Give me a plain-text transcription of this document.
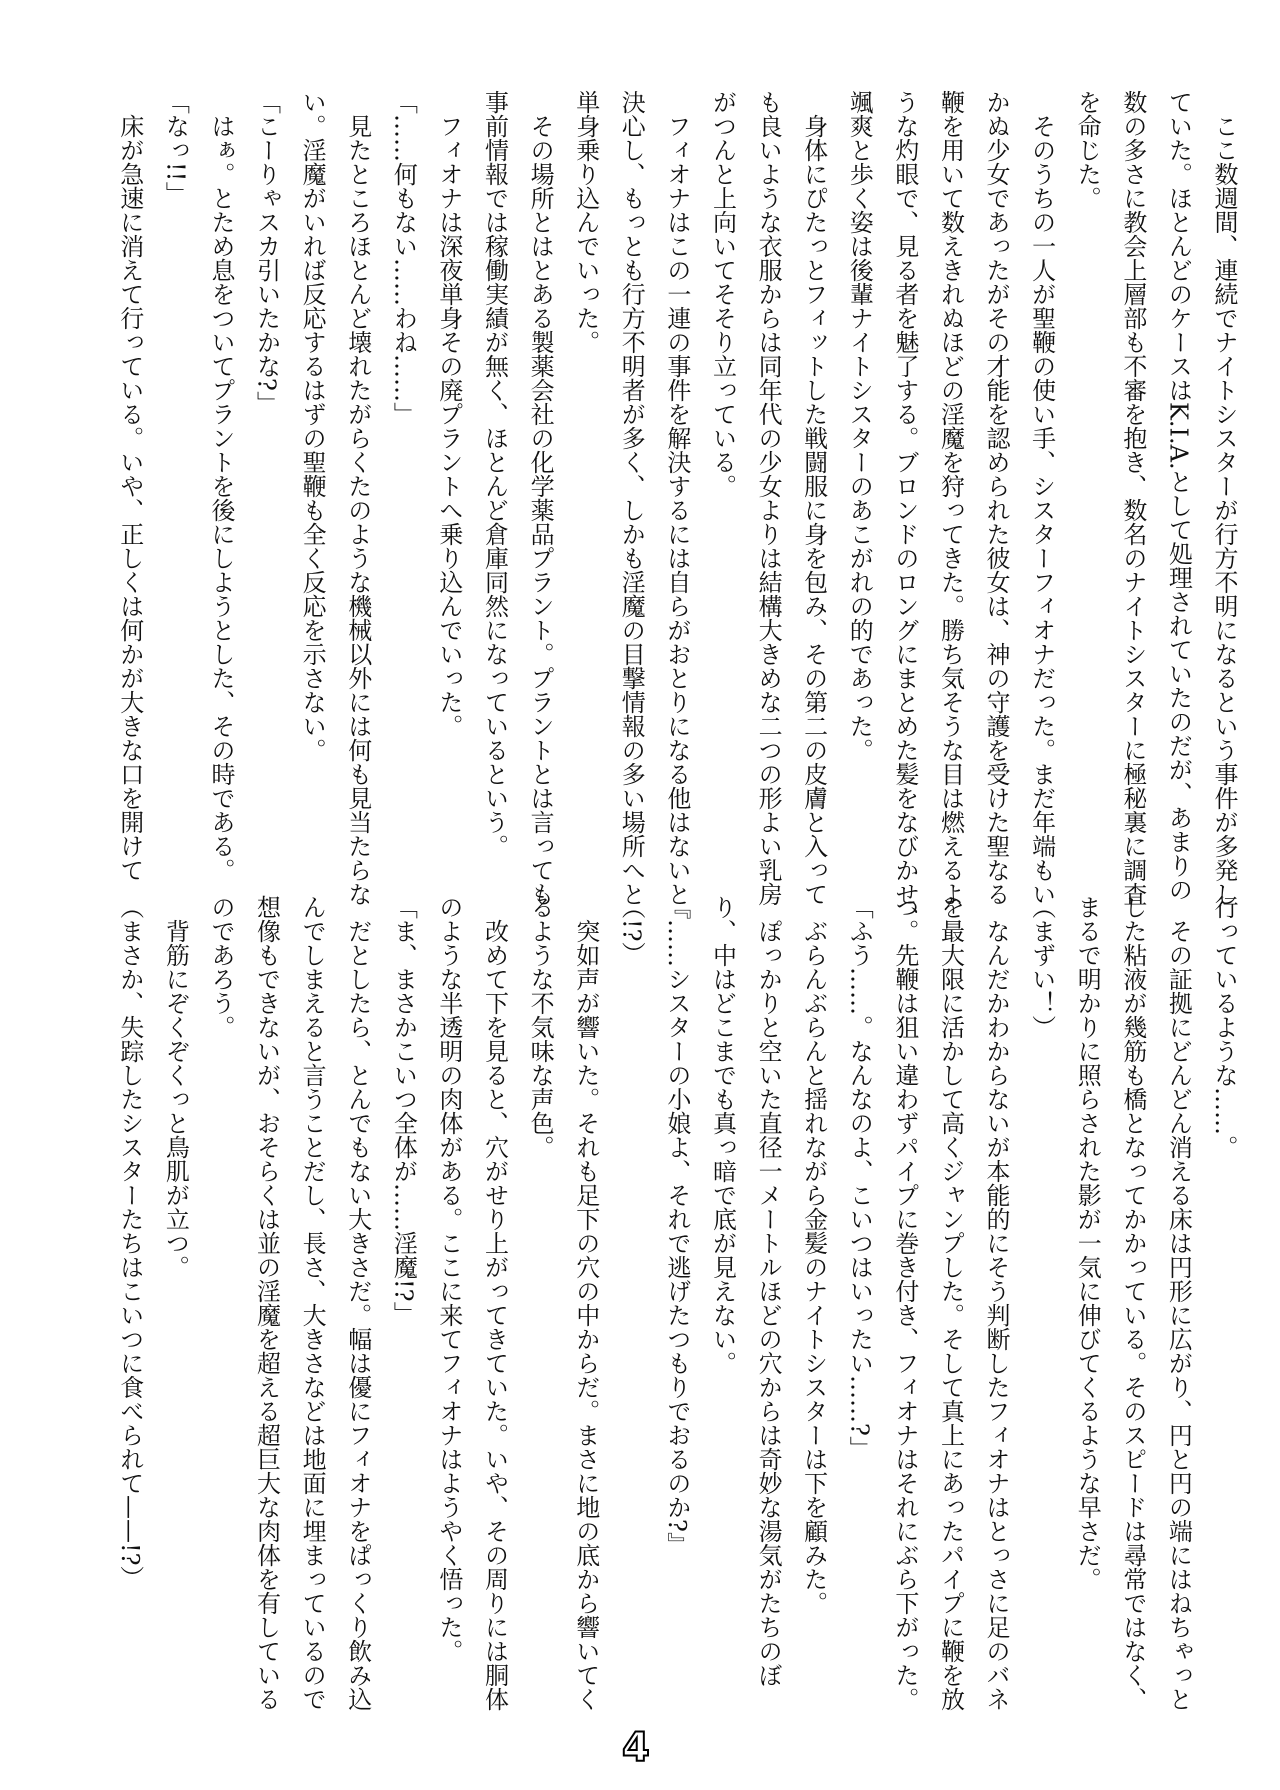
　ここ数週間、連続でナイトシスターが行方不明になるという事件が多発し
ていた。ほとんどのケースはK.I.A.として処理されていたのだが、あまりの
数の多さに教会上層部も不審を抱き、数名のナイトシスターに極秘裏に調査
を命じた。
　そのうちの一人が聖鞭の使い手、シスターフィオナだった。まだ年端もい
かぬ少女であったがその才能を認められた彼女は、神の守護を受けた聖なる
鞭を用いて数えきれぬほどの淫魔を狩ってきた。勝ち気そうな目は燃えるよ
うな灼眼で、見る者を魅了する。ブロンドのロングにまとめた髪をなびかせ、
颯爽と歩く姿は後輩ナイトシスターのあこがれの的であった。
　身体にぴたっとフィットした戦闘服に身を包み、その第二の皮膚と入って
も良いような衣服からは同年代の少女よりは結構大きめな二つの形よい乳房
がつんと上向いてそそり立っている。
　フィオナはこの一連の事件を解決するには自らがおとりになる他はないと
決心し、もっとも行方不明者が多く、しかも淫魔の目撃情報の多い場所へと
単身乗り込んでいった。
　その場所とはとある製薬会社の化学薬品プラント。プラントとは言っても
事前情報では稼働実績が無く、ほとんど倉庫同然になっているという。
　フィオナは深夜単身その廃プラントへ乗り込んでいった。
「……何もない……わね……」
　見たところほとんど壊れたがらくたのような機械以外には何も見当たらな
い。淫魔がいれば反応するはずの聖鞭も全く反応を示さない。
「こーりゃスカ引いたかな?」
　はぁ。とため息をついてプラントを後にしようとした、その時である。
「なっ!!」
　床が急速に消えて行っている。いや、正しくは何かが大きな口を開けて
行っているような……。
　その証拠にどんどん消える床は円形に広がり、円と円の端にはねちゃっと
した粘液が幾筋も橋となってかかっている。そのスピードは尋常ではなく、
まるで明かりに照らされた影が一気に伸びてくるような早さだ。
（まずい！）
　なんだかわからないが本能的にそう判断したフィオナはとっさに足のバネ
を最大限に活かして高くジャンプした。そして真上にあったパイプに鞭を放
つ。先鞭は狙い違わずパイプに巻き付き、フィオナはそれにぶら下がった。
「ふう……。なんなのよ、こいつはいったい……?」
　ぶらんぶらんと揺れながら金髪のナイトシスターは下を顧みた。
　ぽっかりと空いた直径一メートルほどの穴からは奇妙な湯気がたちのぼ
り、中はどこまでも真っ暗で底が見えない。
『……シスターの小娘よ、それで逃げたつもりでおるのか?』
（!?）
　突如声が響いた。それも足下の穴の中からだ。まさに地の底から響いてく
るような不気味な声色。
　改めて下を見ると、穴がせり上がってきていた。いや、その周りには胴体
のような半透明の肉体がある。ここに来てフィオナはようやく悟った。
「ま、まさかこいつ全体が……淫魔!?」
　だとしたら、とんでもない大きさだ。幅は優にフィオナをぱっくり飲み込
んでしまえると言うことだし、長さ、大きさなどは地面に埋まっているので
想像もできないが、おそらくは並の淫魔を超える超巨大な肉体を有している
のであろう。
　背筋にぞくぞくっと鳥肌が立つ。
（まさか、失踪したシスターたちはこいつに食べられて——!?）
4
